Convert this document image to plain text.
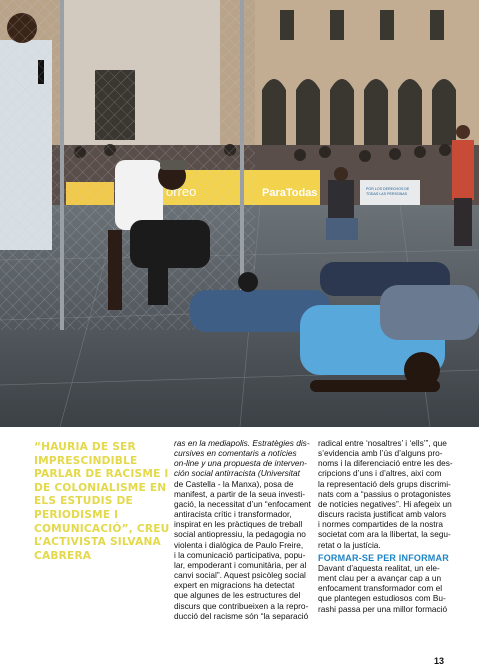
ParaTodas	POR LOS DERECHOS DE
TODAS LAS PERSONAS

“HAURIA DE SER IMPRESCINDIBLE PARLAR DE RACISME I DE COLONIALISME EN ELS ESTUDIS DE PERIODISME I COMUNICACIÓ”, CREU L’ACTIVISTA SILVANA CABRERA

ras en la mediapolis. Estratègies dis-
cursives en comentaris a notícies
on-line y una propuesta de interven-
ción social antirracista (Universitat
de Castella - la Manxa), posa de
manifest, a partir de la seua investi-
gació, la necessitat d’un “enfocament
antiracista crític i transformador,
inspirat en les pràctiques de treball
social antiopressiu, la pedagogia no
violenta i dialògica de Paulo Freire,
i la comunicació participativa, popu-
lar, empoderant i comunitària, per al
canvi social”. Aquest psicòleg social
expert en migracions ha detectat
que algunes de les estructures del
discurs que contribueixen a la repro-
ducció del racisme són “la separació

radical entre ‘nosaltres’ i ‘ells’”, que
s’evidencia amb l’ús d’alguns pro-
noms i la diferenciació entre les des-
cripcions d’uns i d’altres, així com
la representació dels grups discrimi-
nats com a “passius o protagonistes
de notícies negatives”. Hi afegeix un
discurs racista justificat amb valors
i normes compartides de la nostra
societat com ara la llibertat, la segu-
retat o la justícia.

FORMAR-SE PER INFORMAR

Davant d’aquesta realitat, un ele-
ment clau per a avançar cap a un
enfocament transformador com el
que plantegen estudiosos com Bu-
rashi passa per una millor formació

13
